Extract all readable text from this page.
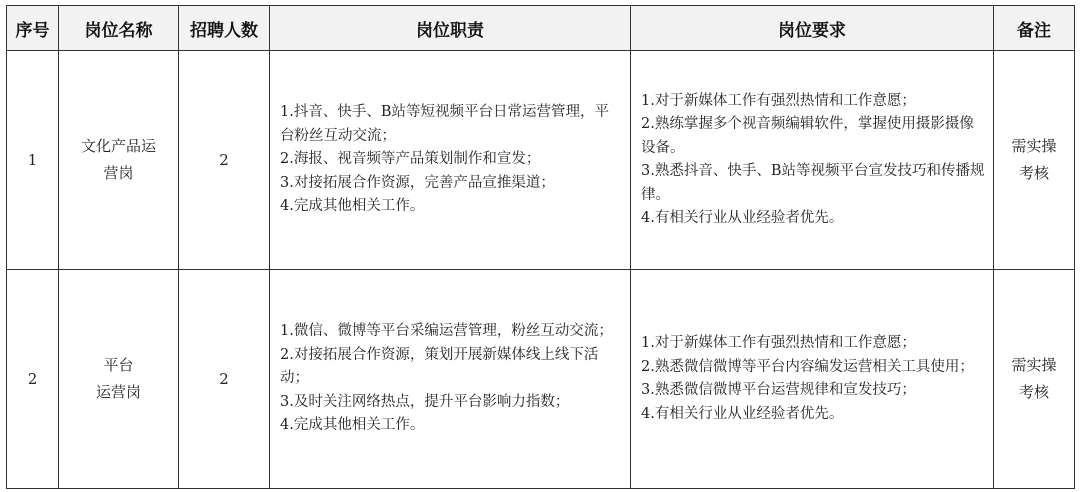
序号	岗位名称	招聘人数	岗位职责	岗位要求	备注
1	文化产品运
营岗	2	1.抖音、快手、B站等短视频平台日常运营管理，平台粉丝互动交流；
2.海报、视音频等产品策划制作和宣发；
3.对接拓展合作资源，完善产品宣推渠道；
4.完成其他相关工作。	1.对于新媒体工作有强烈热情和工作意愿；
2.熟练掌握多个视音频编辑软件，掌握使用摄影摄像设备。
3.熟悉抖音、快手、B站等视频平台宣发技巧和传播规律。
4.有相关行业从业经验者优先。	需实操
考核

2	平台
运营岗	2	1.微信、微博等平台采编运营管理，粉丝互动交流；
2.对接拓展合作资源，策划开展新媒体线上线下活动；
3.及时关注网络热点，提升平台影响力指数；
4.完成其他相关工作。	1.对于新媒体工作有强烈热情和工作意愿；
2.熟悉微信微博等平台内容编发运营相关工具使用；
3.熟悉微信微博平台运营规律和宣发技巧；
4.有相关行业从业经验者优先。	需实操
考核
